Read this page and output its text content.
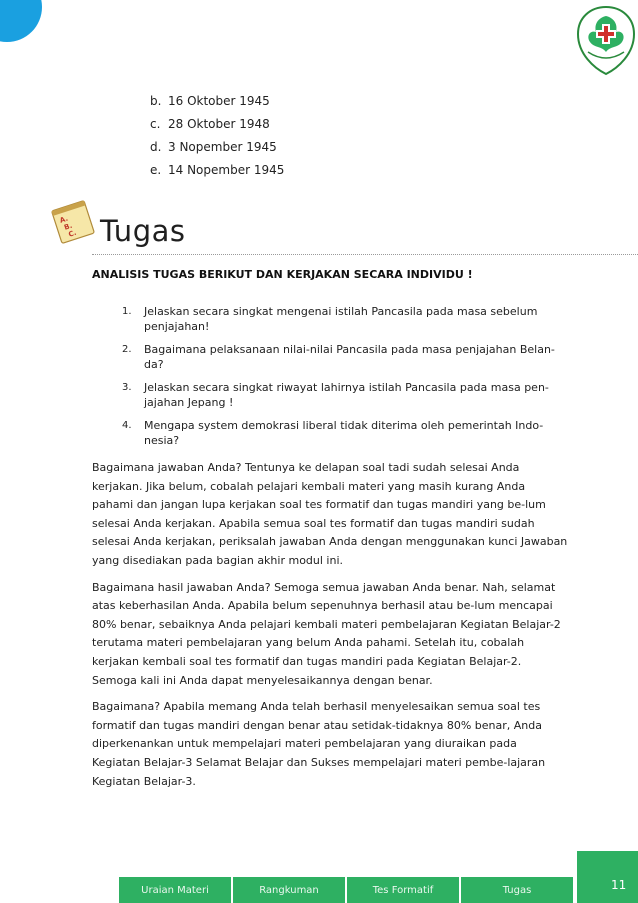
b. 16 Oktober 1945
c. 28 Oktober 1948
d. 3 Nopember 1945
e. 14 Nopember 1945
A.
B.
C. Tugas
ANALISIS TUGAS BERIKUT DAN KERJAKAN SECARA INDIVIDU !
1. Jelaskan secara singkat mengenai istilah Pancasila pada masa sebelum penjajahan!
2. Bagaimana pelaksanaan nilai-nilai Pancasila pada masa penjajahan Belan-da?
3. Jelaskan secara singkat riwayat lahirnya istilah Pancasila pada masa pen-jajahan Jepang !
4. Mengapa system demokrasi liberal tidak diterima oleh pemerintah Indo-nesia?

Bagaimana jawaban Anda? Tentunya ke delapan soal tadi sudah selesai Anda kerjakan. Jika belum, cobalah pelajari kembali materi yang masih kurang Anda pahami dan jangan lupa kerjakan soal tes formatif dan tugas mandiri yang be-lum selesai Anda kerjakan. Apabila semua soal tes formatif dan tugas mandiri sudah selesai Anda kerjakan, periksalah jawaban Anda dengan menggunakan kunci Jawaban yang disediakan pada bagian akhir modul ini.

Bagaimana hasil jawaban Anda? Semoga semua jawaban Anda benar. Nah, selamat atas keberhasilan Anda. Apabila belum sepenuhnya berhasil atau be-lum mencapai 80% benar, sebaiknya Anda pelajari kembali materi pembelajaran Kegiatan Belajar-2 terutama materi pembelajaran yang belum Anda pahami. Setelah itu, cobalah kerjakan kembali soal tes formatif dan tugas mandiri pada Kegiatan Belajar-2. Semoga kali ini Anda dapat menyelesaikannya dengan benar.

Bagaimana? Apabila memang Anda telah berhasil menyelesaikan semua soal tes formatif dan tugas mandiri dengan benar atau setidak-tidaknya 80% benar, Anda diperkenankan untuk mempelajari materi pembelajaran yang diuraikan pada Kegiatan Belajar-3 Selamat Belajar dan Sukses mempelajari materi pembe-lajaran Kegiatan Belajar-3.

Uraian Materi	Rangkuman	Tes Formatif	Tugas	11
